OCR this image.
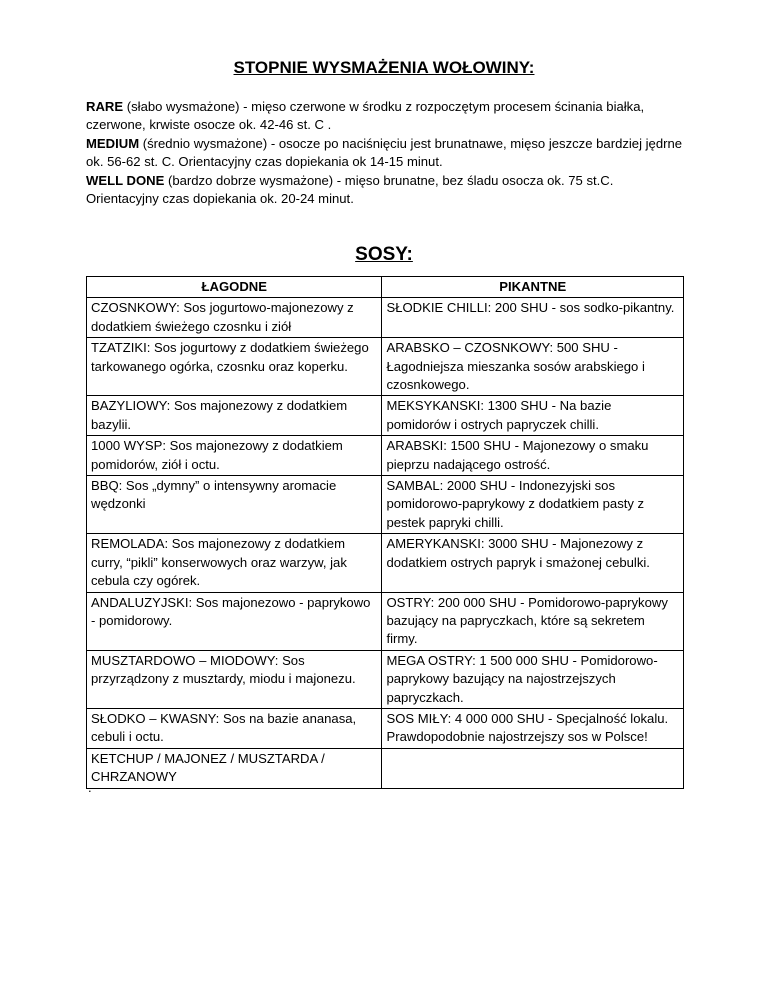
STOPNIE WYSMAŻENIA WOŁOWINY:

RARE (słabo wysmażone) - mięso czerwone w środku z rozpoczętym procesem ścinania białka, czerwone, krwiste osocze ok. 42-46 st. C .

MEDIUM (średnio wysmażone) - osocze po naciśnięciu jest brunatnawe, mięso jeszcze bardziej jędrne ok. 56-62 st. C. Orientacyjny czas dopiekania ok 14-15 minut.

WELL DONE (bardzo dobrze wysmażone) - mięso brunatne, bez śladu osocza ok. 75 st.C. Orientacyjny czas dopiekania ok. 20-24 minut.

SOSY:
ŁAGODNE	PIKANTNE
CZOSNKOWY: Sos jogurtowo-majonezowy z dodatkiem świeżego czosnku i ziół	SŁODKIE CHILLI: 200 SHU - sos sodko-pikantny.
TZATZIKI: Sos jogurtowy z dodatkiem świeżego tarkowanego ogórka, czosnku oraz koperku.	ARABSKO – CZOSNKOWY: 500 SHU - Łagodniejsza mieszanka sosów arabskiego i czosnkowego.
BAZYLIOWY: Sos majonezowy z dodatkiem bazylii.	MEKSYKANSKI: 1300 SHU - Na bazie pomidorów i ostrych papryczek chilli.
1000 WYSP: Sos majonezowy z dodatkiem pomidorów, ziół i octu.	ARABSKI: 1500 SHU - Majonezowy o smaku pieprzu nadającego ostrość.
BBQ: Sos „dymny” o intensywny aromacie wędzonki	SAMBAL: 2000 SHU - Indonezyjski sos pomidorowo-paprykowy z dodatkiem pasty z pestek papryki chilli.
REMOLADA: Sos majonezowy z dodatkiem curry, “pikli” konserwowych oraz warzyw, jak cebula czy ogórek.	AMERYKANSKI: 3000 SHU - Majonezowy z dodatkiem ostrych papryk i smażonej cebulki.
ANDALUZYJSKI: Sos majonezowo - paprykowo - pomidorowy.	OSTRY: 200 000 SHU - Pomidorowo-paprykowy bazujący na papryczkach, które są sekretem firmy.
MUSZTARDOWO – MIODOWY: Sos przyrządzony z musztardy, miodu i majonezu.	MEGA OSTRY: 1 500 000 SHU - Pomidorowo-paprykowy bazujący na najostrzejszych papryczkach.
SŁODKO – KWASNY: Sos na bazie ananasa, cebuli i octu.	SOS MIŁY: 4 000 000 SHU - Specjalność lokalu. Prawdopodobnie najostrzejszy sos w Polsce!
KETCHUP / MAJONEZ / MUSZTARDA / CHRZANOWY	
.
